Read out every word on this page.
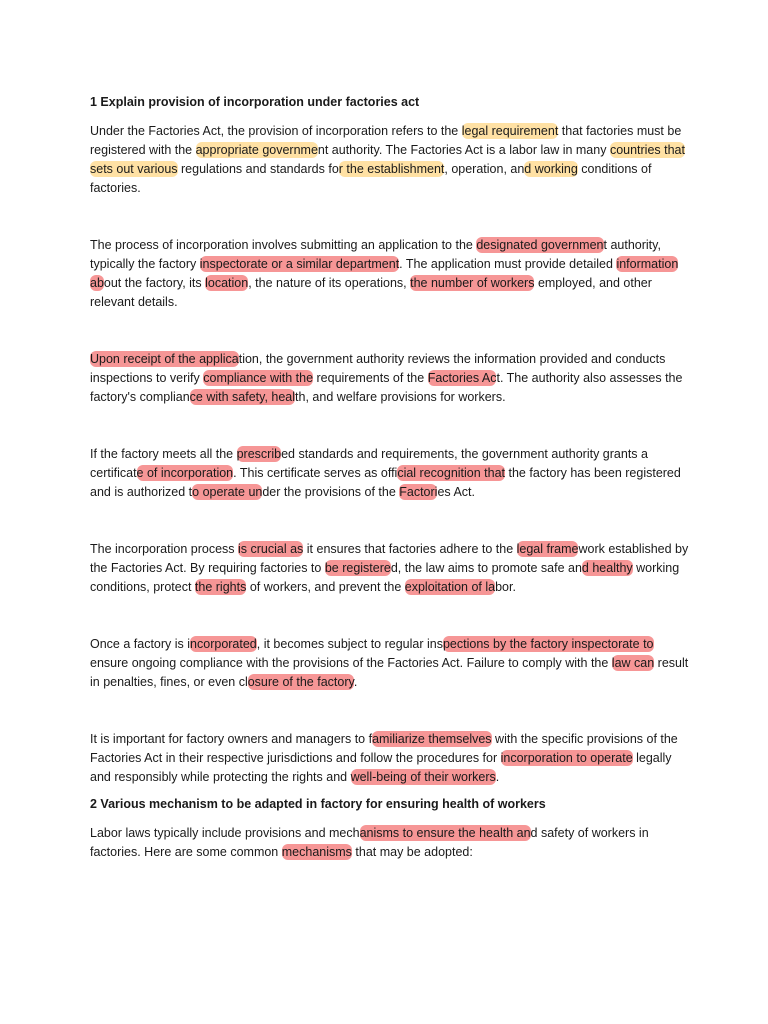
1 Explain provision of incorporation under factories act

Under the Factories Act, the provision of incorporation refers to the legal requirement that factories must be registered with the appropriate government authority. The Factories Act is a labor law in many countries that sets out various regulations and standards for the establishment, operation, and working conditions of factories.

The process of incorporation involves submitting an application to the designated government authority, typically the factory inspectorate or a similar department. The application must provide detailed information about the factory, its location, the nature of its operations, the number of workers employed, and other relevant details.

Upon receipt of the application, the government authority reviews the information provided and conducts inspections to verify compliance with the requirements of the Factories Act. The authority also assesses the factory's compliance with safety, health, and welfare provisions for workers.

If the factory meets all the prescribed standards and requirements, the government authority grants a certificate of incorporation. This certificate serves as official recognition that the factory has been registered and is authorized to operate under the provisions of the Factories Act.

The incorporation process is crucial as it ensures that factories adhere to the legal framework established by the Factories Act. By requiring factories to be registered, the law aims to promote safe and healthy working conditions, protect the rights of workers, and prevent the exploitation of labor.

Once a factory is incorporated, it becomes subject to regular inspections by the factory inspectorate to ensure ongoing compliance with the provisions of the Factories Act. Failure to comply with the law can result in penalties, fines, or even closure of the factory.

It is important for factory owners and managers to familiarize themselves with the specific provisions of the Factories Act in their respective jurisdictions and follow the procedures for incorporation to operate legally and responsibly while protecting the rights and well-being of their workers.

2 Various mechanism to be adapted in factory for ensuring health of workers

Labor laws typically include provisions and mechanisms to ensure the health and safety of workers in factories. Here are some common mechanisms that may be adopted:
